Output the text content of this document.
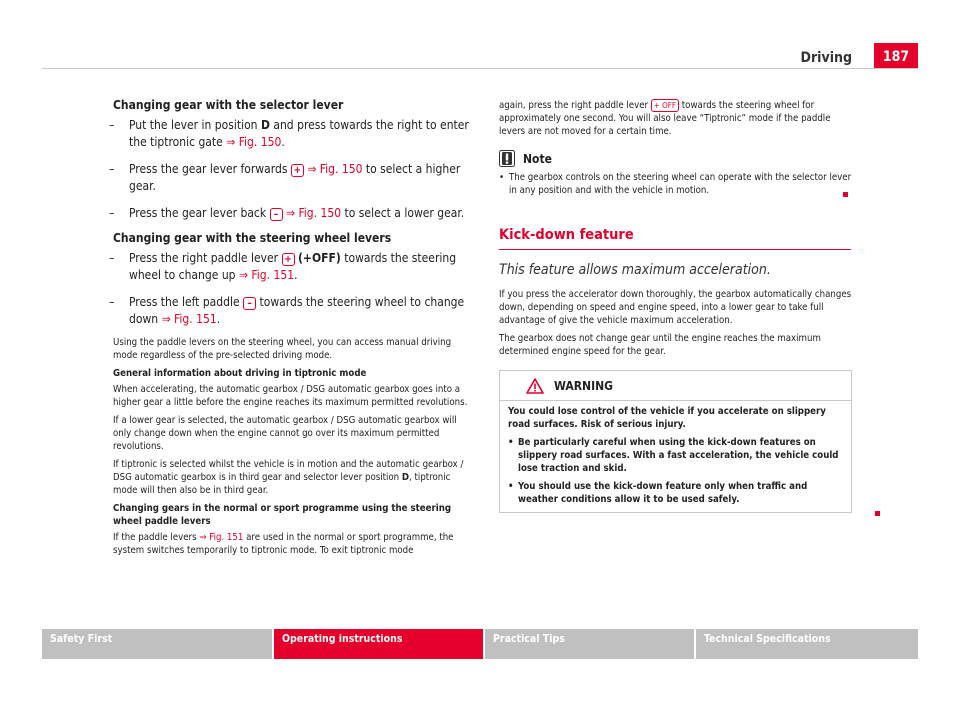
Driving	187
Changing gear with the selector lever
– Put the lever in position D and press towards the right to enter the tiptronic gate ⇒ Fig. 150.
– Press the gear lever forwards + ⇒ Fig. 150 to select a higher gear.
– Press the gear lever back – ⇒ Fig. 150 to select a lower gear.
Changing gear with the steering wheel levers
– Press the right paddle lever + (+OFF) towards the steering wheel to change up ⇒ Fig. 151.
– Press the left paddle – towards the steering wheel to change down ⇒ Fig. 151.
Using the paddle levers on the steering wheel, you can access manual driving mode regardless of the pre-selected driving mode.
General information about driving in tiptronic mode
When accelerating, the automatic gearbox / DSG automatic gearbox goes into a higher gear a little before the engine reaches its maximum permitted revolutions.
If a lower gear is selected, the automatic gearbox / DSG automatic gearbox will only change down when the engine cannot go over its maximum permitted revolutions.
If tiptronic is selected whilst the vehicle is in motion and the automatic gearbox / DSG automatic gearbox is in third gear and selector lever position D, tiptronic mode will then also be in third gear.
Changing gears in the normal or sport programme using the steering wheel paddle levers
If the paddle levers ⇒ Fig. 151 are used in the normal or sport programme, the system switches temporarily to tiptronic mode. To exit tiptronic mode
again, press the right paddle lever + OFF towards the steering wheel for approximately one second. You will also leave “Tiptronic” mode if the paddle levers are not moved for a certain time.
Note
• The gearbox controls on the steering wheel can operate with the selector lever in any position and with the vehicle in motion.
Kick-down feature
This feature allows maximum acceleration.
If you press the accelerator down thoroughly, the gearbox automatically changes down, depending on speed and engine speed, into a lower gear to take full advantage of give the vehicle maximum acceleration.
The gearbox does not change gear until the engine reaches the maximum determined engine speed for the gear.
WARNING
You could lose control of the vehicle if you accelerate on slippery road surfaces. Risk of serious injury.
• Be particularly careful when using the kick-down features on slippery road surfaces. With a fast acceleration, the vehicle could lose traction and skid.
• You should use the kick-down feature only when traffic and weather conditions allow it to be used safely.
Safety First	Operating instructions	Practical Tips	Technical Specifications
